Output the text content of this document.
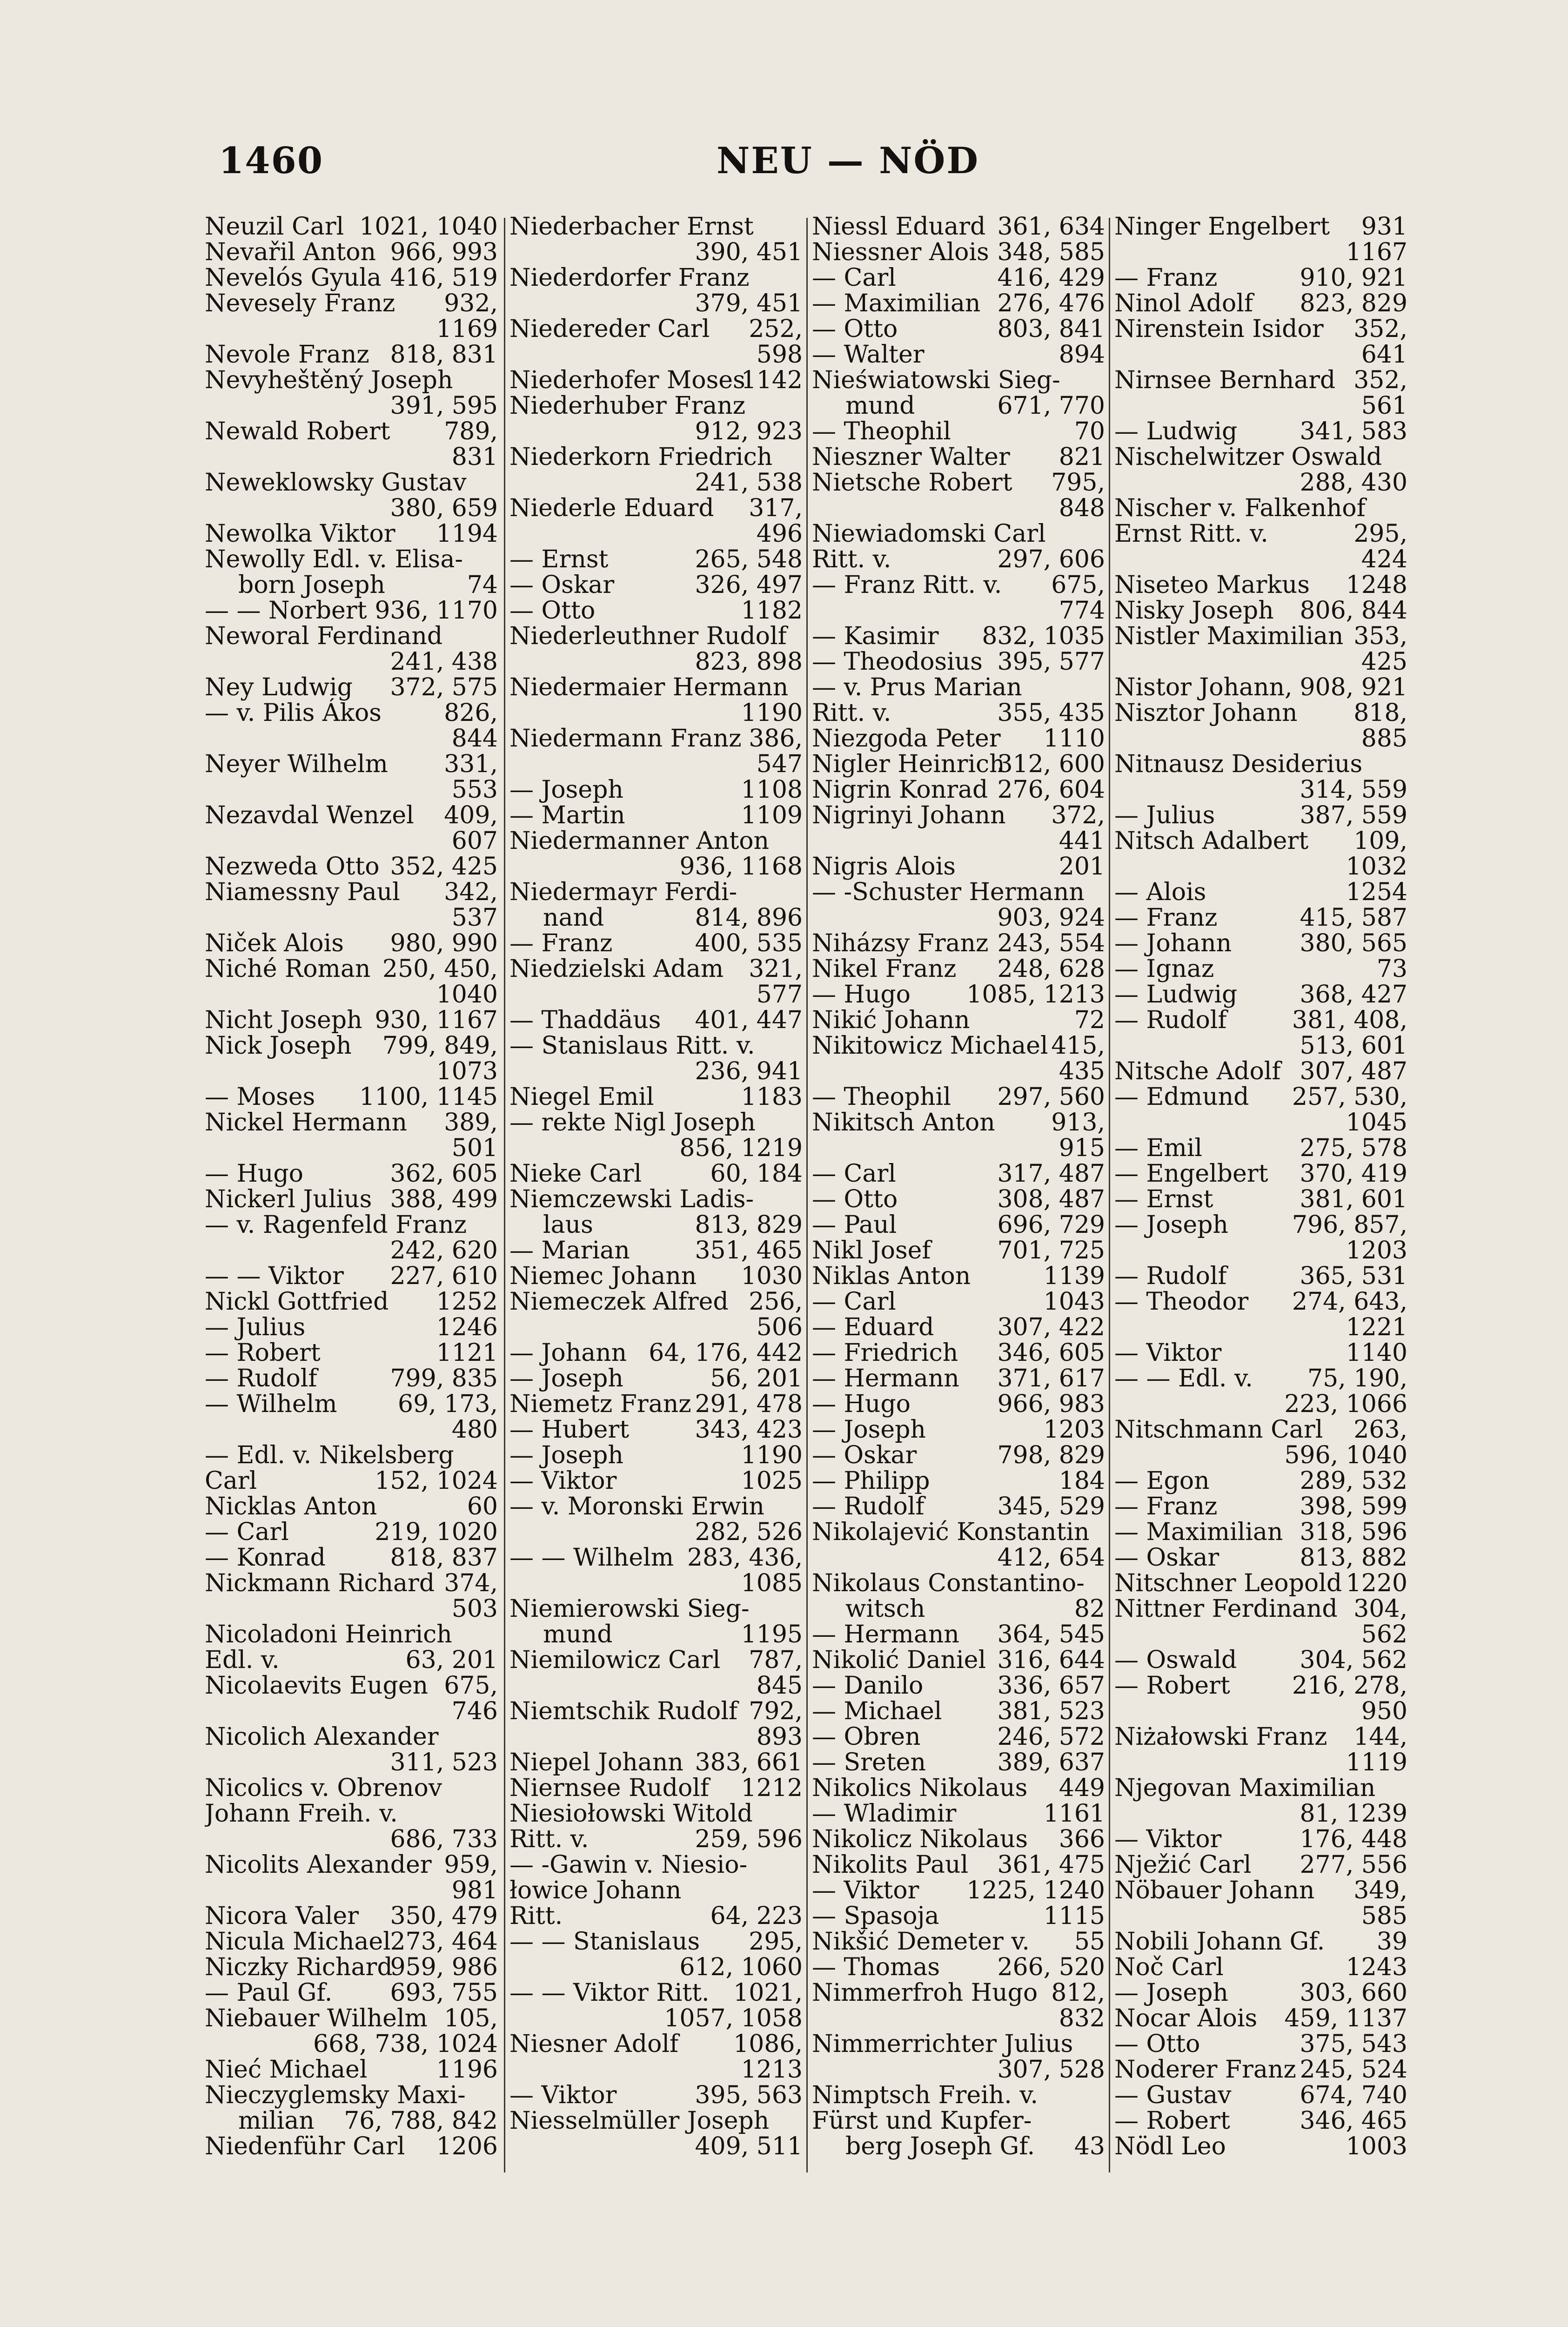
1460	NEU — NÖD
Neuzil Carl 1021, 1040
Nevařil Anton 966, 993
Nevelós Gyula 416, 519
Nevesely Franz 932,
1169
Nevole Franz 818, 831
Nevyheštěný Joseph
391, 595
Newald Robert 789,
831
Neweklowsky Gustav
380, 659
Newolka Viktor 1194
Newolly Edl. v. Elisa-
born Joseph	74
— — Norbert 936, 1170
Neworal Ferdinand
241, 438
Ney Ludwig 372, 575
— v. Pilis Ákos	826,
844
Neyer Wilhelm 331,
553
Nezavdal Wenzel 409,
607
Nezweda Otto 352, 425
Niamessny Paul 342,
537
Niček Alois 980, 990
Niché Roman 250, 450,
1040
Nicht Joseph 930, 1167
Nick Joseph 799, 849,
1073
— Moses 1100, 1145
Nickel Hermann 389,
501
— Hugo	362, 605
Nickerl Julius 388, 499
— v. Ragenfeld Franz
242, 620
— — Viktor 227, 610
Nickl Gottfried 1252
— Julius	1246
— Robert	1121
— Rudolf	799, 835
— Wilhelm	69, 173,
480
— Edl. v. Nikelsberg
Carl	152, 1024
Nicklas Anton	60
— Carl	219, 1020
— Konrad	818, 837
Nickmann Richard 374,
503
Nicoladoni Heinrich
Edl. v.	63, 201
Nicolaevits Eugen 675,
746
Nicolich Alexander
311, 523
Nicolics v. Obrenov
Johann Freih. v.
686, 733
Nicolits Alexander 959,
981
Nicora Valer 350, 479
Nicula Michael
273, 464
Niczky Richard
959, 986
— Paul Gf. 693, 755
Niebauer Wilhelm 105,
668, 738, 1024
Nieć Michael	1196
Nieczyglemsky Maxi-
milian 76, 788, 842
Niedenführ Carl 1206
Niederbacher Ernst
390, 451
Niederdorfer Franz
379, 451
Niedereder Carl 252,
598
Niederhofer Moses
1142
Niederhuber Franz
912, 923
Niederkorn Friedrich
241, 538
Niederle Eduard 317,
496
— Ernst	265, 548
— Oskar	326, 497
— Otto	1182
Niederleuthner Rudolf
823, 898
Niedermaier Hermann
1190
Niedermann Franz 386,
547
— Joseph	1108
— Martin	1109
Niedermanner Anton
936, 1168
Niedermayr Ferdi-
nand	814, 896
— Franz	400, 535
Niedzielski Adam 321,
577
— Thaddäus 401, 447
— Stanislaus Ritt. v.
236, 941
Niegel Emil	1183
— rekte Nigl Joseph
856, 1219
Nieke Carl	60, 184
Niemczewski Ladis-
laus	813, 829
— Marian	351, 465
Niemec Johann 1030
Niemeczek Alfred 256,
506
— Johann 64, 176, 442
— Joseph	56, 201
Niemetz Franz 291, 478
— Hubert	343, 423
— Joseph	1190
— Viktor	1025
— v. Moronski Erwin
282, 526
— — Wilhelm 283, 436,
1085
Niemierowski Sieg-
mund	1195
Niemilowicz Carl 787,
845
Niemtschik Rudolf 792,
893
Niepel Johann 383, 661
Niernsee Rudolf 1212
Niesiołowski Witold
Ritt. v.	259, 596
— -Gawin v. Niesio-
łowice Johann
Ritt.	64, 223
— — Stanislaus 295,
612, 1060
— — Viktor Ritt. 1021,
1057, 1058
Niesner Adolf 1086,
1213
— Viktor	395, 563
Niesselmüller Joseph
409, 511
Niessl Eduard 361, 634
Niessner Alois 348, 585
— Carl	416, 429
— Maximilian 276, 476
— Otto	803, 841
— Walter	894
Nieświatowski Sieg-
mund	671, 770
— Theophil	70
Nieszner Walter 821
Nietsche Robert 795,
848
Niewiadomski Carl
Ritt. v.	297, 606
— Franz Ritt. v. 675,
774
— Kasimir 832, 1035
— Theodosius 395, 577
— v. Prus Marian
Ritt. v.	355, 435
Niezgoda Peter 1110
Nigler Heinrich
312, 600
Nigrin Konrad 276, 604
Nigrinyi Johann 372,
441
Nigris Alois	201
— -Schuster Hermann
903, 924
Niházsy Franz 243, 554
Nikel Franz 248, 628
— Hugo 1085, 1213
Nikić Johann	72
Nikitowicz Michael 415,
435
— Theophil 297, 560
Nikitsch Anton 913,
915
— Carl	317, 487
— Otto	308, 487
— Paul	696, 729
Nikl Josef	701, 725
Niklas Anton	1139
— Carl	1043
— Eduard	307, 422
— Friedrich 346, 605
— Hermann 371, 617
— Hugo	966, 983
— Joseph	1203
— Oskar	798, 829
— Philipp	184
— Rudolf	345, 529
Nikolajević Konstantin
412, 654
Nikolaus Constantino-
witsch	82
— Hermann 364, 545
Nikolić Daniel 316, 644
— Danilo	336, 657
— Michael 381, 523
— Obren	246, 572
— Sreten	389, 637
Nikolics Nikolaus 449
— Wladimir	1161
Nikolicz Nikolaus 366
Nikolits Paul 361, 475
— Viktor 1225, 1240
— Spasoja	1115
Nikšić Demeter v. 55
— Thomas 266, 520
Nimmerfroh Hugo 812,
832
Nimmerrichter Julius
307, 528
Nimptsch Freih. v.
Fürst und Kupfer-
berg Joseph Gf. 43
Ninger Engelbert 931
1167
— Franz	910, 921
Ninol Adolf 823, 829
Nirenstein Isidor 352,
641
Nirnsee Bernhard 352,
561
— Ludwig	341, 583
Nischelwitzer Oswald
288, 430
Nischer v. Falkenhof
Ernst Ritt. v.	295,
424
Niseteo Markus 1248
Nisky Joseph 806, 844
Nistler Maximilian 353,
425
Nistor Johann, 908, 921
Nisztor Johann 818,
885
Nitnausz Desiderius
314, 559
— Julius	387, 559
Nitsch Adalbert 109,
1032
— Alois	1254
— Franz	415, 587
— Johann	380, 565
— Ignaz	73
— Ludwig	368, 427
— Rudolf	381, 408,
513, 601
Nitsche Adolf 307, 487
— Edmund 257, 530,
1045
— Emil	275, 578
— Engelbert 370, 419
— Ernst	381, 601
— Joseph	796, 857,
1203
— Rudolf	365, 531
— Theodor 274, 643,
1221
— Viktor	1140
— — Edl. v. 75, 190,
223, 1066
Nitschmann Carl 263,
596, 1040
— Egon	289, 532
— Franz	398, 599
— Maximilian 318, 596
— Oskar	813, 882
Nitschner Leopold 1220
Nittner Ferdinand 304,
562
— Oswald	304, 562
— Robert	216, 278,
950
Niżałowski Franz 144,
1119
Njegovan Maximilian
81, 1239
— Viktor	176, 448
Nježić Carl 277, 556
Nöbauer Johann 349,
585
Nobili Johann Gf. 39
Noč Carl	1243
— Joseph	303, 660
Nocar Alois 459, 1137
— Otto	375, 543
Noderer Franz 245, 524
— Gustav	674, 740
— Robert	346, 465
Nödl Leo	1003
